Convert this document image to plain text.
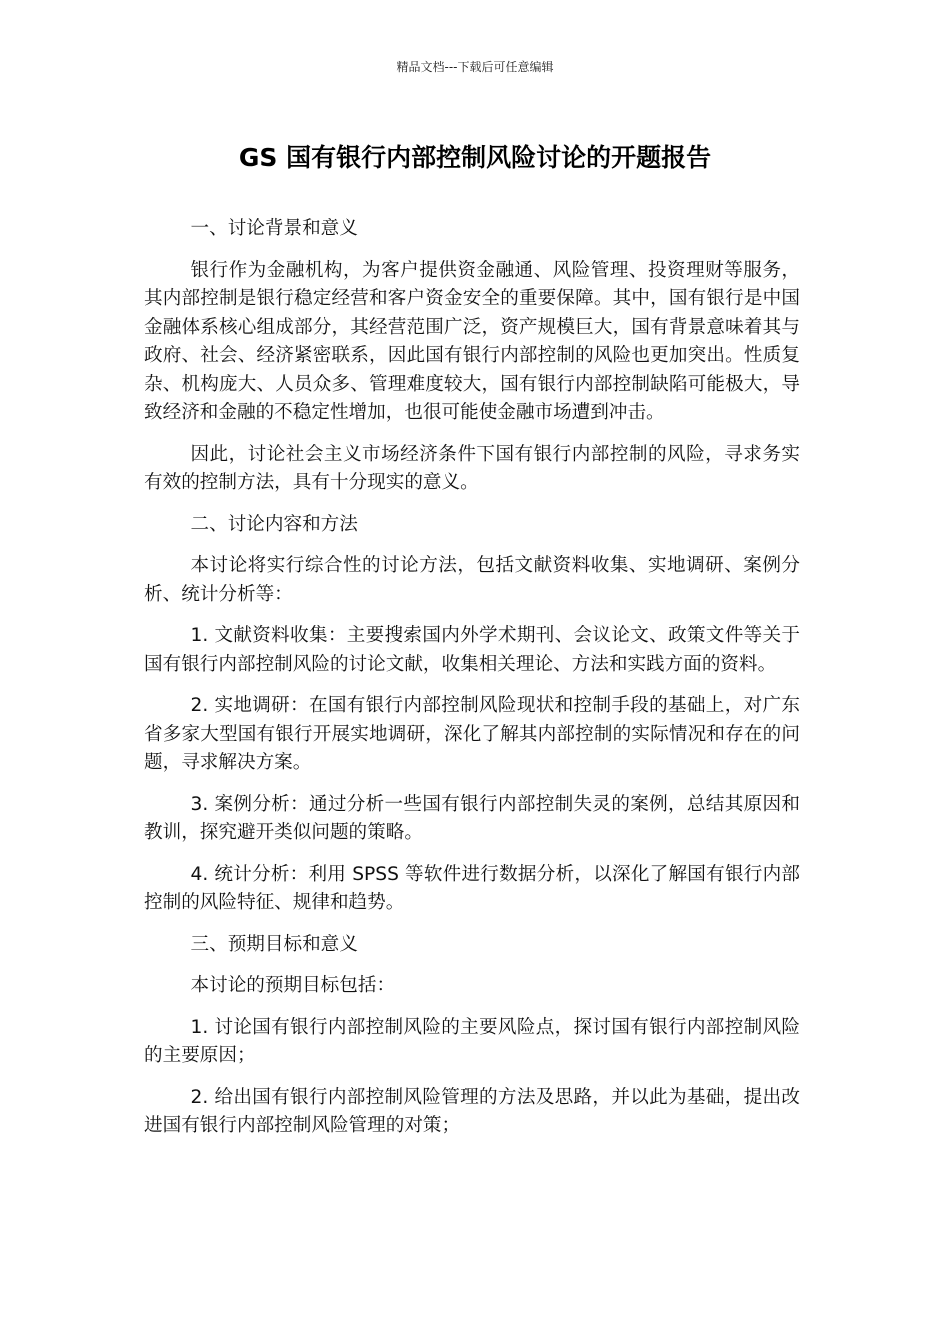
精品文档---下载后可任意编辑
GS 国有银行内部控制风险讨论的开题报告

一、讨论背景和意义

银行作为金融机构，为客户提供资金融通、风险管理、投资理财等服务，其内部控制是银行稳定经营和客户资金安全的重要保障。其中，国有银行是中国金融体系核心组成部分，其经营范围广泛，资产规模巨大，国有背景意味着其与政府、社会、经济紧密联系，因此国有银行内部控制的风险也更加突出。性质复杂、机构庞大、人员众多、管理难度较大，国有银行内部控制缺陷可能极大，导致经济和金融的不稳定性增加，也很可能使金融市场遭到冲击。

因此，讨论社会主义市场经济条件下国有银行内部控制的风险，寻求务实有效的控制方法，具有十分现实的意义。

二、讨论内容和方法

本讨论将实行综合性的讨论方法，包括文献资料收集、实地调研、案例分析、统计分析等：

1. 文献资料收集：主要搜索国内外学术期刊、会议论文、政策文件等关于国有银行内部控制风险的讨论文献，收集相关理论、方法和实践方面的资料。

2. 实地调研：在国有银行内部控制风险现状和控制手段的基础上，对广东省多家大型国有银行开展实地调研，深化了解其内部控制的实际情况和存在的问题，寻求解决方案。

3. 案例分析：通过分析一些国有银行内部控制失灵的案例，总结其原因和教训，探究避开类似问题的策略。

4. 统计分析：利用 SPSS 等软件进行数据分析，以深化了解国有银行内部控制的风险特征、规律和趋势。

三、预期目标和意义

本讨论的预期目标包括：

1. 讨论国有银行内部控制风险的主要风险点，探讨国有银行内部控制风险的主要原因；

2. 给出国有银行内部控制风险管理的方法及思路，并以此为基础，提出改进国有银行内部控制风险管理的对策；
